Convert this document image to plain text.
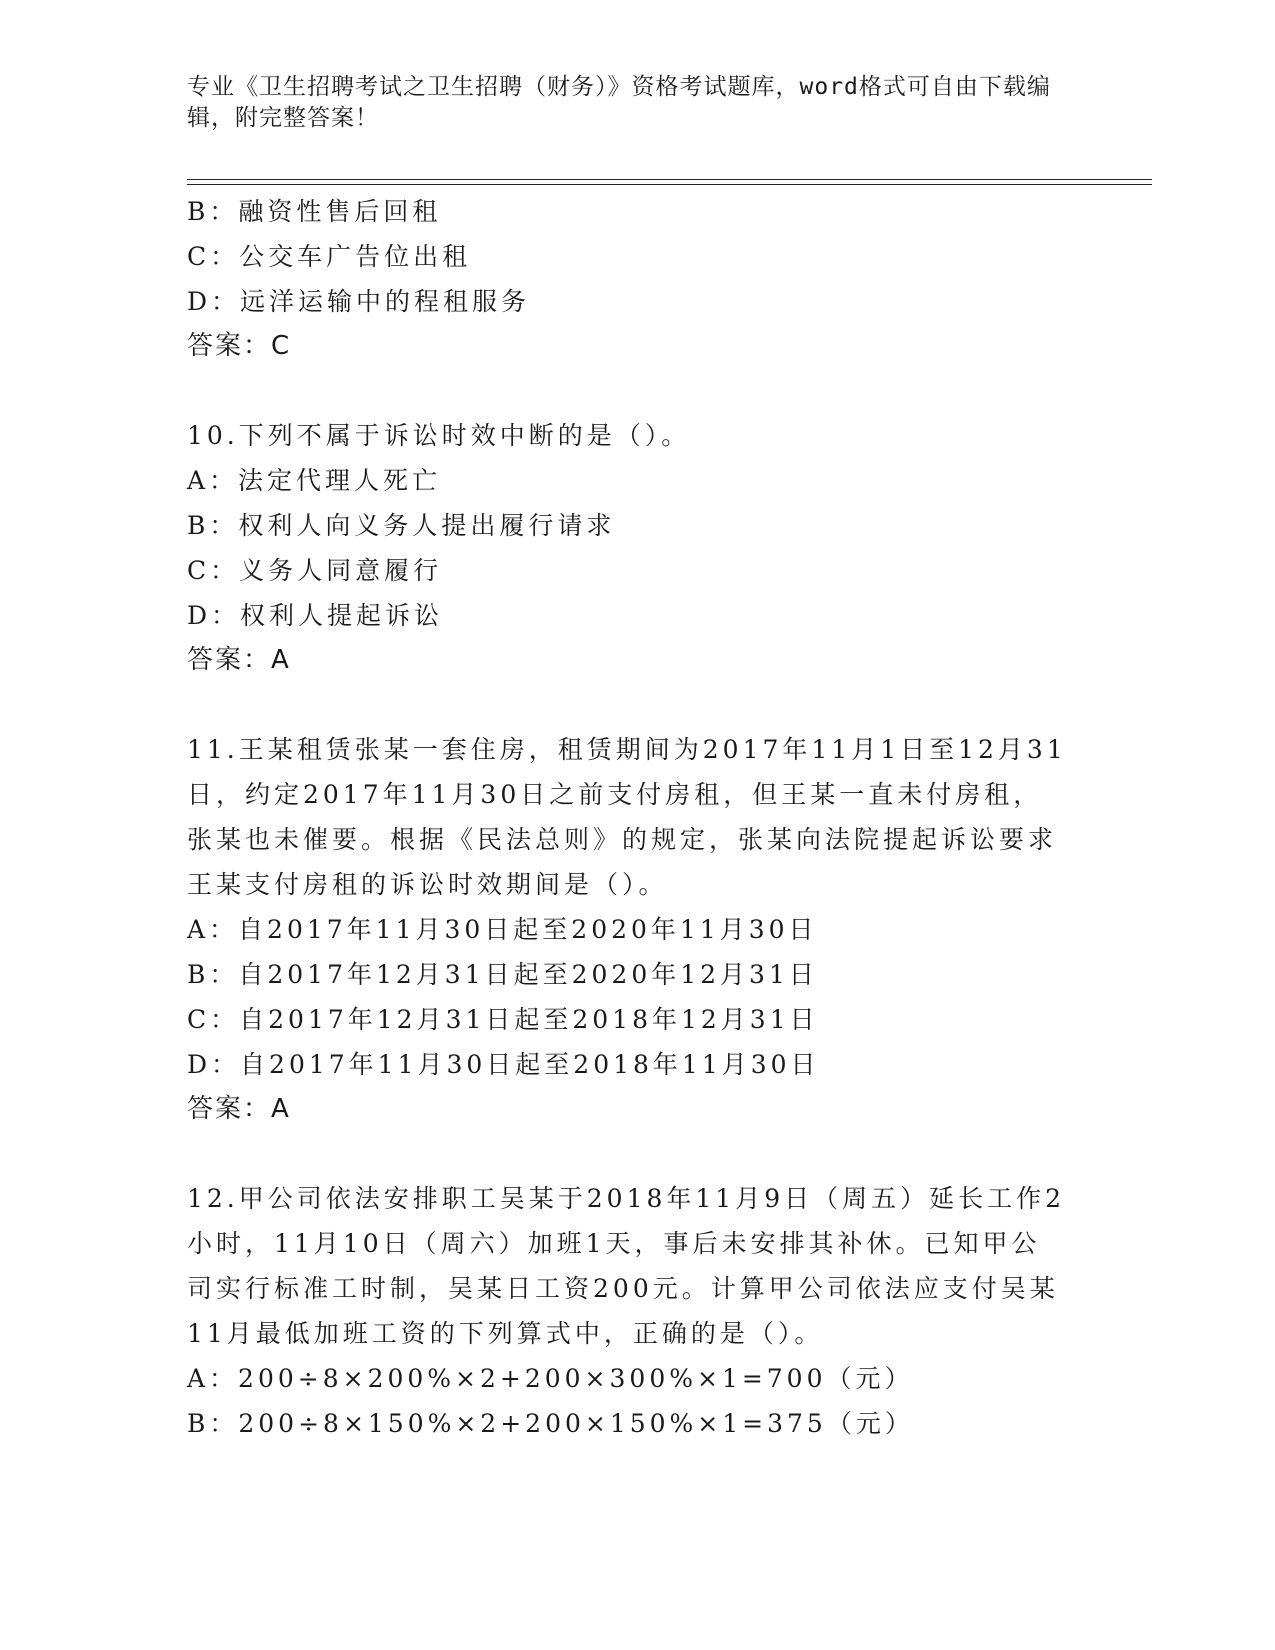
专业《卫生招聘考试之卫生招聘（财务）》资格考试题库，word格式可自由下载编辑，附完整答案！
B：融资性售后回租
C：公交车广告位出租
D：远洋运输中的程租服务
答案：C
10.下列不属于诉讼时效中断的是（）。
A：法定代理人死亡
B：权利人向义务人提出履行请求
C：义务人同意履行
D：权利人提起诉讼
答案：A
11.王某租赁张某一套住房，租赁期间为2017年11月1日至12月31日，约定2017年11月30日之前支付房租，但王某一直未付房租，张某也未催要。根据《民法总则》的规定，张某向法院提起诉讼要求王某支付房租的诉讼时效期间是（）。
A：自2017年11月30日起至2020年11月30日
B：自2017年12月31日起至2020年12月31日
C：自2017年12月31日起至2018年12月31日
D：自2017年11月30日起至2018年11月30日
答案：A
12.甲公司依法安排职工吴某于2018年11月9日（周五）延长工作2小时，11月10日（周六）加班1天，事后未安排其补休。已知甲公司实行标准工时制，吴某日工资200元。计算甲公司依法应支付吴某11月最低加班工资的下列算式中，正确的是（）。
A：200÷8×200%×2+200×300%×1=700（元）
B：200÷8×150%×2+200×150%×1=375（元）
